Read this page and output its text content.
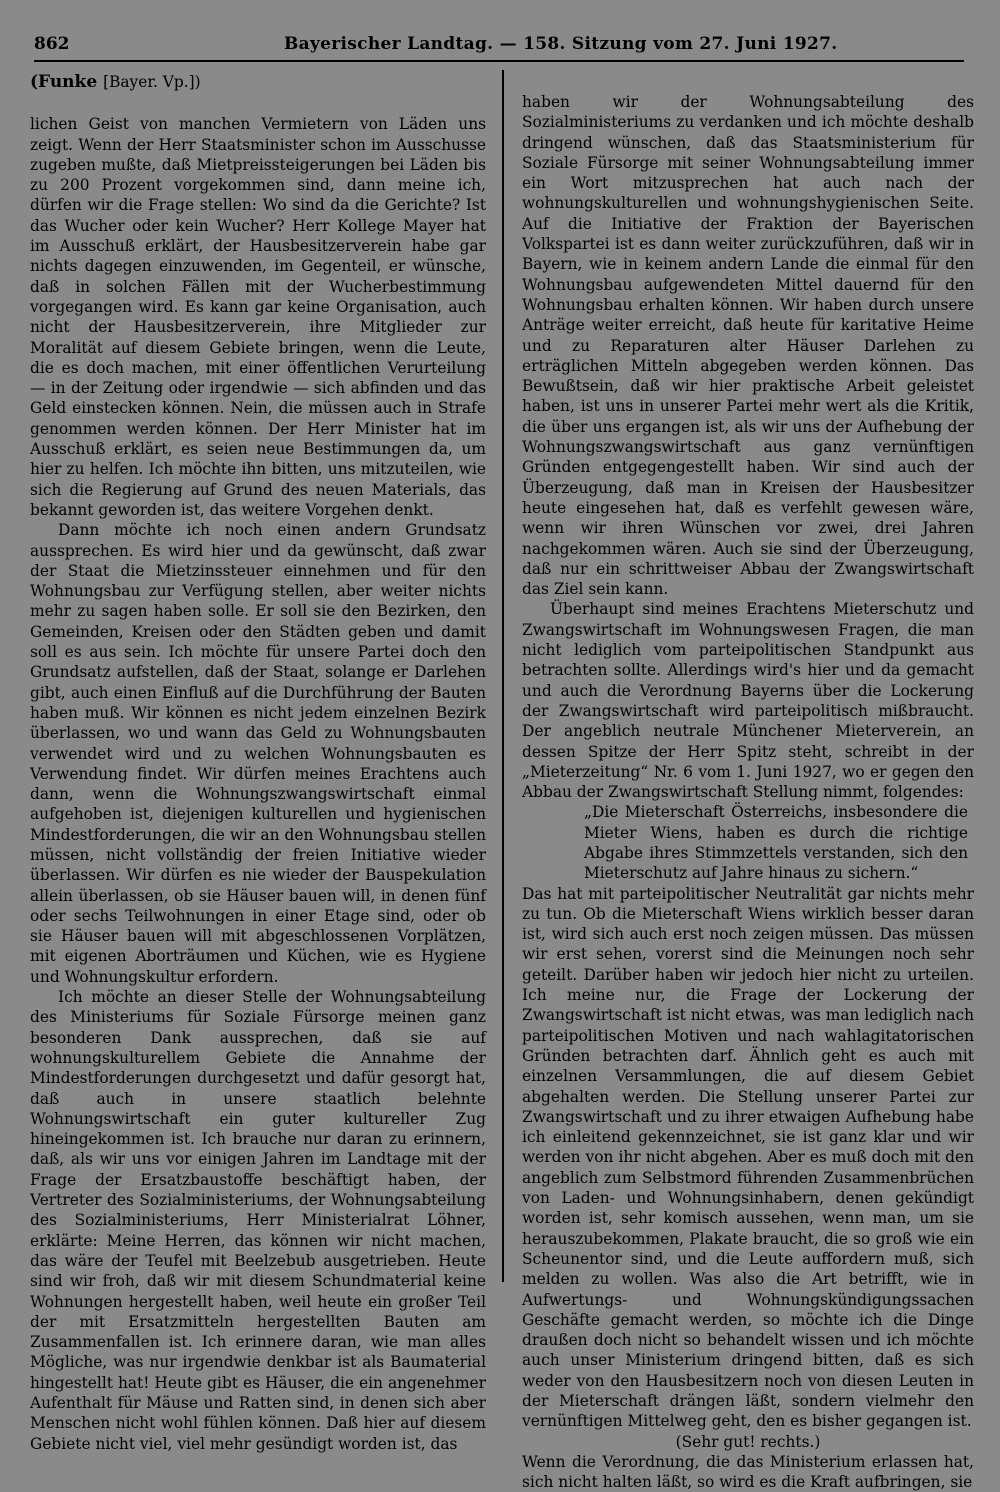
862	Bayerischer Landtag. — 158. Sitzung vom 27. Juni 1927.
(Funke [Bayer. Vp.])

lichen Geist von manchen Vermietern von Läden uns zeigt. Wenn der Herr Staatsminister schon im Ausschusse zugeben mußte, daß Mietpreissteigerungen bei Läden bis zu 200 Prozent vorgekommen sind, dann meine ich, dürfen wir die Frage stellen: Wo sind da die Gerichte? Ist das Wucher oder kein Wucher? Herr Kollege Mayer hat im Ausschuß erklärt, der Hausbesitzerverein habe gar nichts dagegen einzuwenden, im Gegenteil, er wünsche, daß in solchen Fällen mit der Wucherbestimmung vorgegangen wird. Es kann gar keine Organisation, auch nicht der Hausbesitzerverein, ihre Mitglieder zur Moralität auf diesem Gebiete bringen, wenn die Leute, die es doch machen, mit einer öffentlichen Verurteilung — in der Zeitung oder irgendwie — sich abfinden und das Geld einstecken können. Nein, die müssen auch in Strafe genommen werden können. Der Herr Minister hat im Ausschuß erklärt, es seien neue Bestimmungen da, um hier zu helfen. Ich möchte ihn bitten, uns mitzuteilen, wie sich die Regierung auf Grund des neuen Materials, das bekannt geworden ist, das weitere Vorgehen denkt.

Dann möchte ich noch einen andern Grundsatz aussprechen. Es wird hier und da gewünscht, daß zwar der Staat die Mietzinssteuer einnehmen und für den Wohnungsbau zur Verfügung stellen, aber weiter nichts mehr zu sagen haben solle. Er soll sie den Bezirken, den Gemeinden, Kreisen oder den Städten geben und damit soll es aus sein. Ich möchte für unsere Partei doch den Grundsatz aufstellen, daß der Staat, solange er Darlehen gibt, auch einen Einfluß auf die Durchführung der Bauten haben muß. Wir können es nicht jedem einzelnen Bezirk überlassen, wo und wann das Geld zu Wohnungsbauten verwendet wird und zu welchen Wohnungsbauten es Verwendung findet. Wir dürfen meines Erachtens auch dann, wenn die Wohnungszwangswirtschaft einmal aufgehoben ist, diejenigen kulturellen und hygienischen Mindestforderungen, die wir an den Wohnungsbau stellen müssen, nicht vollständig der freien Initiative wieder überlassen. Wir dürfen es nie wieder der Bauspekulation allein überlassen, ob sie Häuser bauen will, in denen fünf oder sechs Teilwohnungen in einer Etage sind, oder ob sie Häuser bauen will mit abgeschlossenen Vorplätzen, mit eigenen Aborträumen und Küchen, wie es Hygiene und Wohnungskultur erfordern.

Ich möchte an dieser Stelle der Wohnungsabteilung des Ministeriums für Soziale Fürsorge meinen ganz besonderen Dank aussprechen, daß sie auf wohnungskulturellem Gebiete die Annahme der Mindestforderungen durchgesetzt und dafür gesorgt hat, daß auch in unsere staatlich belehnte Wohnungswirtschaft ein guter kultureller Zug hineingekommen ist. Ich brauche nur daran zu erinnern, daß, als wir uns vor einigen Jahren im Landtage mit der Frage der Ersatzbaustoffe beschäftigt haben, der Vertreter des Sozialministeriums, der Wohnungsabteilung des Sozialministeriums, Herr Ministerialrat Löhner, erklärte: Meine Herren, das können wir nicht machen, das wäre der Teufel mit Beelzebub ausgetrieben. Heute sind wir froh, daß wir mit diesem Schundmaterial keine Wohnungen hergestellt haben, weil heute ein großer Teil der mit Ersatzmitteln hergestellten Bauten am Zusammenfallen ist. Ich erinnere daran, wie man alles Mögliche, was nur irgendwie denkbar ist als Baumaterial hingestellt hat! Heute gibt es Häuser, die ein angenehmer Aufenthalt für Mäuse und Ratten sind, in denen sich aber Menschen nicht wohl fühlen können. Daß hier auf diesem Gebiete nicht viel, viel mehr gesündigt worden ist, das

haben wir der Wohnungsabteilung des Sozialministeriums zu verdanken und ich möchte deshalb dringend wünschen, daß das Staatsministerium für Soziale Fürsorge mit seiner Wohnungsabteilung immer ein Wort mitzusprechen hat auch nach der wohnungskulturellen und wohnungshygienischen Seite. Auf die Initiative der Fraktion der Bayerischen Volkspartei ist es dann weiter zurückzuführen, daß wir in Bayern, wie in keinem andern Lande die einmal für den Wohnungsbau aufgewendeten Mittel dauernd für den Wohnungsbau erhalten können. Wir haben durch unsere Anträge weiter erreicht, daß heute für karitative Heime und zu Reparaturen alter Häuser Darlehen zu erträglichen Mitteln abgegeben werden können. Das Bewußtsein, daß wir hier praktische Arbeit geleistet haben, ist uns in unserer Partei mehr wert als die Kritik, die über uns ergangen ist, als wir uns der Aufhebung der Wohnungszwangswirtschaft aus ganz vernünftigen Gründen entgegengestellt haben. Wir sind auch der Überzeugung, daß man in Kreisen der Hausbesitzer heute eingesehen hat, daß es verfehlt gewesen wäre, wenn wir ihren Wünschen vor zwei, drei Jahren nachgekommen wären. Auch sie sind der Überzeugung, daß nur ein schrittweiser Abbau der Zwangswirtschaft das Ziel sein kann.

Überhaupt sind meines Erachtens Mieterschutz und Zwangswirtschaft im Wohnungswesen Fragen, die man nicht lediglich vom parteipolitischen Standpunkt aus betrachten sollte. Allerdings wird's hier und da gemacht und auch die Verordnung Bayerns über die Lockerung der Zwangswirtschaft wird parteipolitisch mißbraucht. Der angeblich neutrale Münchener Mieterverein, an dessen Spitze der Herr Spitz steht, schreibt in der „Mieterzeitung“ Nr. 6 vom 1. Juni 1927, wo er gegen den Abbau der Zwangswirtschaft Stellung nimmt, folgendes:

„Die Mieterschaft Österreichs, insbesondere die Mieter Wiens, haben es durch die richtige Abgabe ihres Stimmzettels verstanden, sich den Mieterschutz auf Jahre hinaus zu sichern.“

Das hat mit parteipolitischer Neutralität gar nichts mehr zu tun. Ob die Mieterschaft Wiens wirklich besser daran ist, wird sich auch erst noch zeigen müssen. Das müssen wir erst sehen, vorerst sind die Meinungen noch sehr geteilt. Darüber haben wir jedoch hier nicht zu urteilen. Ich meine nur, die Frage der Lockerung der Zwangswirtschaft ist nicht etwas, was man lediglich nach parteipolitischen Motiven und nach wahlagitatorischen Gründen betrachten darf. Ähnlich geht es auch mit einzelnen Versammlungen, die auf diesem Gebiet abgehalten werden. Die Stellung unserer Partei zur Zwangswirtschaft und zu ihrer etwaigen Aufhebung habe ich einleitend gekennzeichnet, sie ist ganz klar und wir werden von ihr nicht abgehen. Aber es muß doch mit den angeblich zum Selbstmord führenden Zusammenbrüchen von Laden- und Wohnungsinhabern, denen gekündigt worden ist, sehr komisch aussehen, wenn man, um sie herauszubekommen, Plakate braucht, die so groß wie ein Scheunentor sind, und die Leute auffordern muß, sich melden zu wollen. Was also die Art betrifft, wie in Aufwertungs- und Wohnungskündigungssachen Geschäfte gemacht werden, so möchte ich die Dinge draußen doch nicht so behandelt wissen und ich möchte auch unser Ministerium dringend bitten, daß es sich weder von den Hausbesitzern noch von diesen Leuten in der Mieterschaft drängen läßt, sondern vielmehr den vernünftigen Mittelweg geht, den es bisher gegangen ist.

(Sehr gut! rechts.)

Wenn die Verordnung, die das Ministerium erlassen hat, sich nicht halten läßt, so wird es die Kraft aufbringen, sie
